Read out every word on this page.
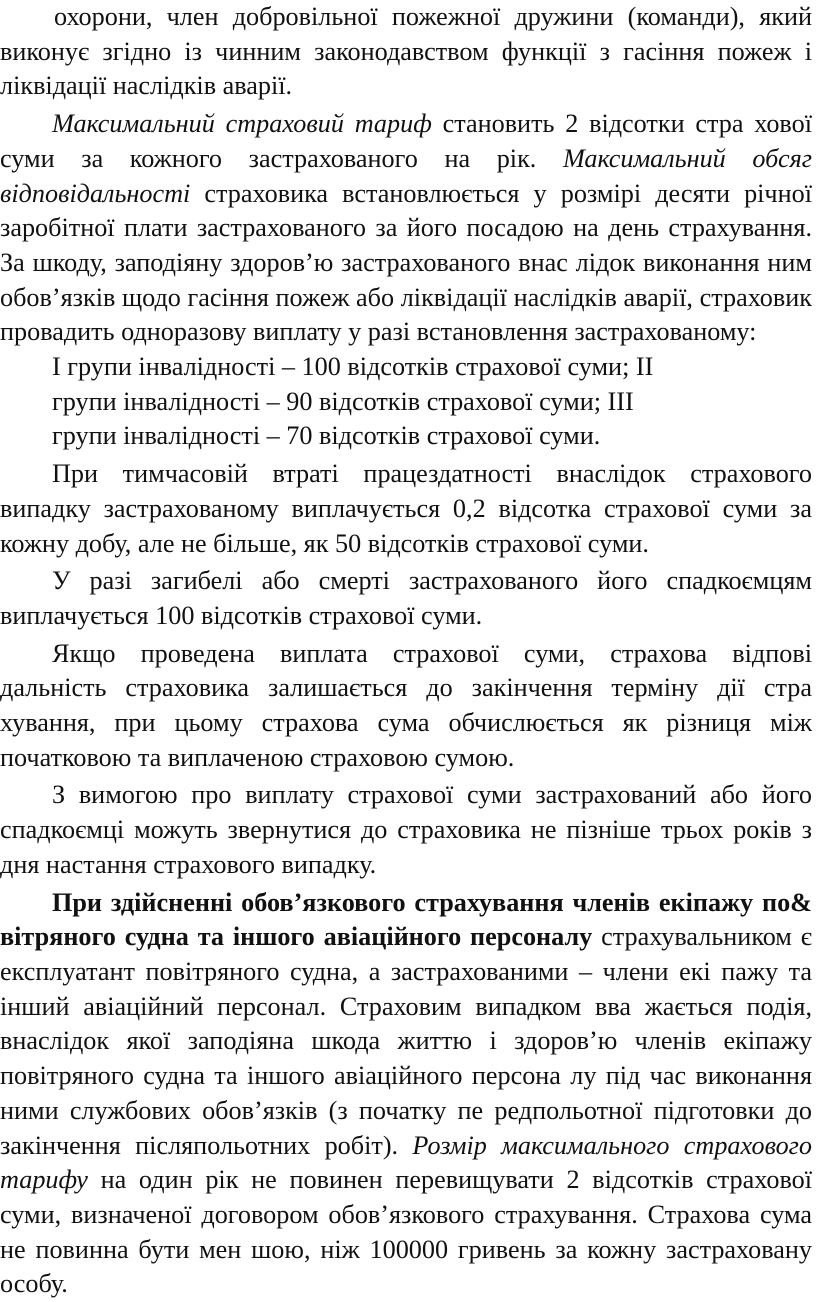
охорони, член добровільної пожежної дружини (команди), який виконує згідно із чинним законодавством функції з гасіння пожеж і ліквідації наслідків аварії.

Максимальний страховий тариф становить 2 відсотки стра хової суми за кожного застрахованого на рік. Максимальний обсяг відповідальності страховика встановлюється у розмірі десяти річної заробітної плати застрахованого за його посадою на день страхування. За шкоду, заподіяну здоров’ю застрахованого внас лідок виконання ним обов’язків щодо гасіння пожеж або ліквідації наслідків аварії, страховик провадить одноразову виплату у разі встановлення застрахованому:

І групи інвалідності – 100 відсотків страхової суми; ІІ
групи інвалідності – 90 відсотків страхової суми; ІІІ
групи інвалідності – 70 відсотків страхової суми.

При тимчасовій втраті працездатності внаслідок страхового випадку застрахованому виплачується 0,2 відсотка страхової суми за кожну добу, але не більше, як 50 відсотків страхової суми.

У разі загибелі або смерті застрахованого його спадкоємцям виплачується 100 відсотків страхової суми.

Якщо проведена виплата страхової суми, страхова відпові дальність страховика залишається до закінчення терміну дії стра хування, при цьому страхова сума обчислюється як різниця між початковою та виплаченою страховою сумою.

З вимогою про виплату страхової суми застрахований або його спадкоємці можуть звернутися до страховика не пізніше трьох років з дня настання страхового випадку.

При здійсненні обов’язкового страхування членів екіпажу по& вітряного судна та іншого авіаційного персоналу страхувальником є експлуатант повітряного судна, а застрахованими – члени екі пажу та інший авіаційний персонал. Страховим випадком вва жається подія, внаслідок якої заподіяна шкода життю і здоров’ю членів екіпажу повітряного судна та іншого авіаційного персона лу під час виконання ними службових обов’язків (з початку пе редпольотної підготовки до закінчення післяпольотних робіт). Розмір максимального страхового тарифу на один рік не повинен перевищувати 2 відсотків страхової суми, визначеної договором обов’язкового страхування. Страхова сума не повинна бути мен шою, ніж 100000 гривень за кожну застраховану особу.
